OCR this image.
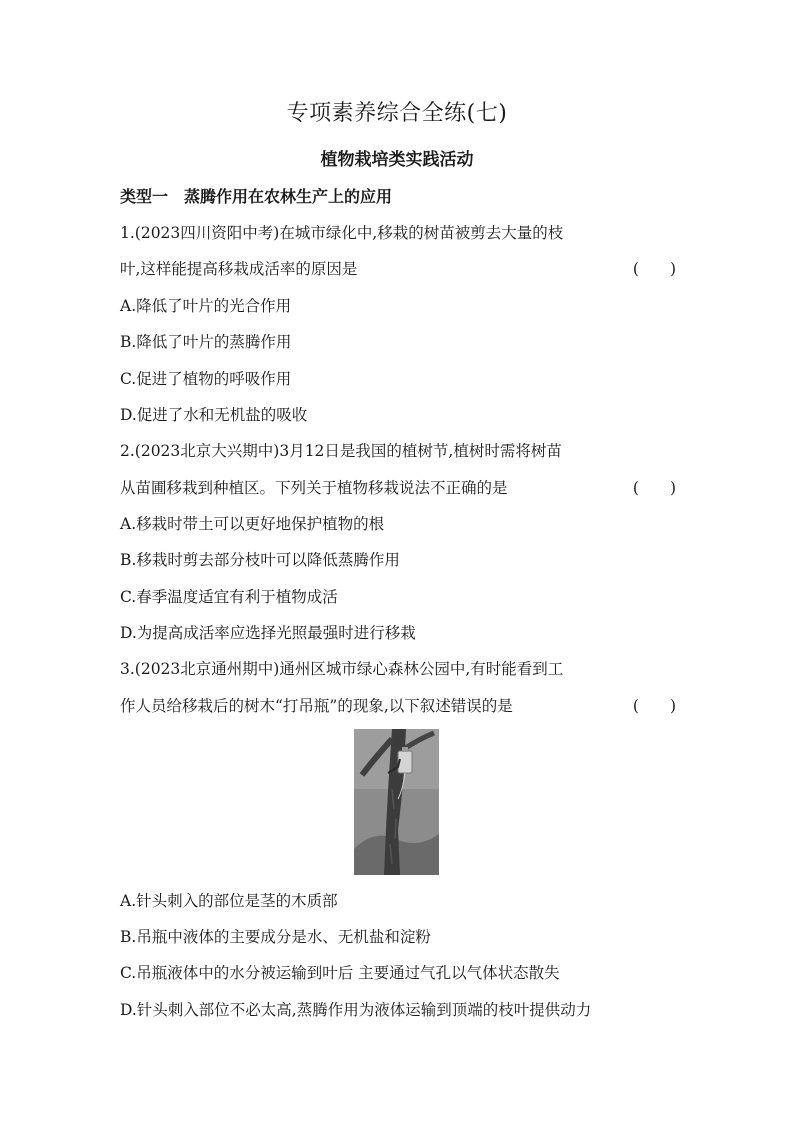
专项素养综合全练(七)
植物栽培类实践活动
类型一　蒸腾作用在农林生产上的应用
1.(2023四川资阳中考)在城市绿化中,移栽的树苗被剪去大量的枝
叶,这样能提高移栽成活率的原因是	(　　)
A.降低了叶片的光合作用
B.降低了叶片的蒸腾作用
C.促进了植物的呼吸作用
D.促进了水和无机盐的吸收
2.(2023北京大兴期中)3月12日是我国的植树节,植树时需将树苗
从苗圃移栽到种植区。下列关于植物移栽说法不正确的是	(　　)
A.移栽时带土可以更好地保护植物的根
B.移栽时剪去部分枝叶可以降低蒸腾作用
C.春季温度适宜有利于植物成活
D.为提高成活率应选择光照最强时进行移栽
3.(2023北京通州期中)通州区城市绿心森林公园中,有时能看到工
作人员给移栽后的树木“打吊瓶”的现象,以下叙述错误的是	(　　)
A.针头刺入的部位是茎的木质部
B.吊瓶中液体的主要成分是水、无机盐和淀粉
C.吊瓶液体中的水分被运输到叶后 主要通过气孔以气体状态散失
D.针头刺入部位不必太高,蒸腾作用为液体运输到顶端的枝叶提供动力
